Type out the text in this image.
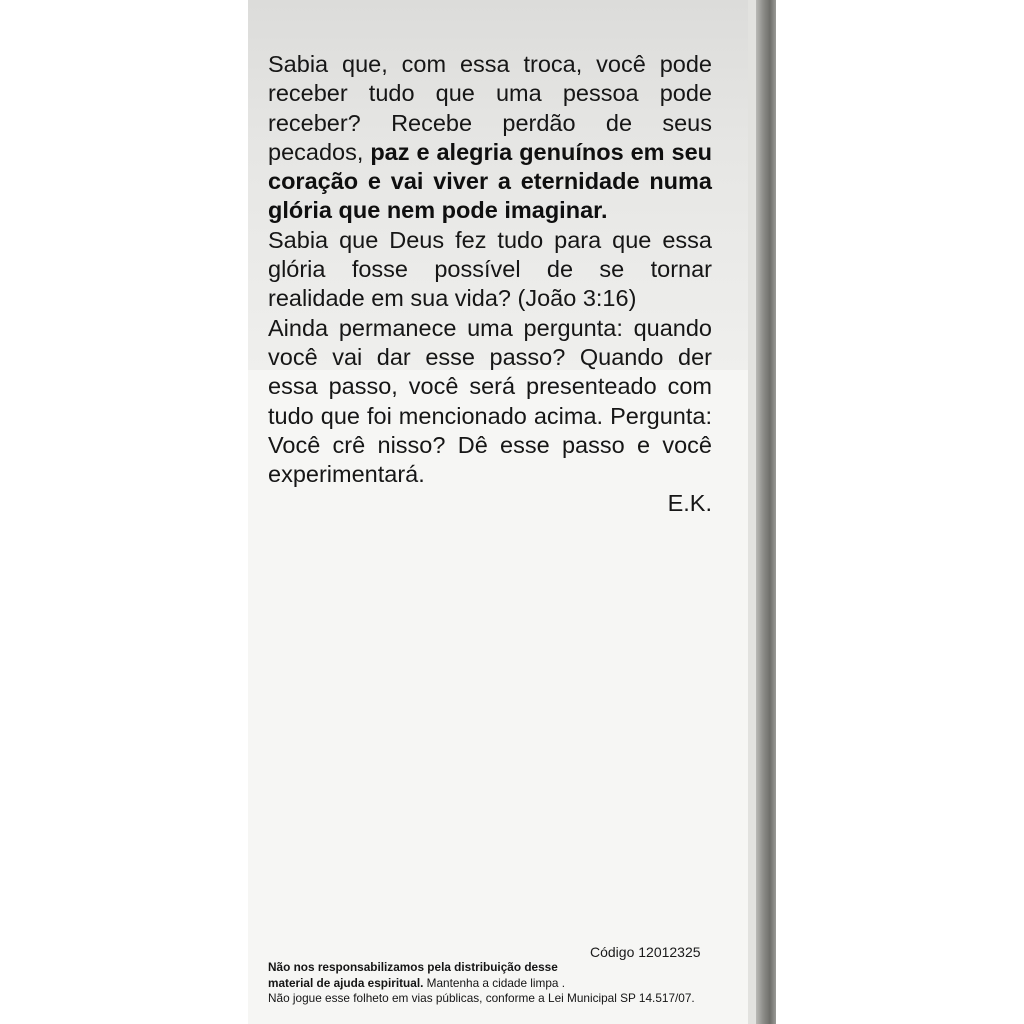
Sabia que, com essa troca, você pode receber tudo que uma pessoa pode receber? Recebe perdão de seus pecados, paz e alegria genuínos em seu coração e vai viver a eternidade numa glória que nem pode imaginar.

Sabia que Deus fez tudo para que essa glória fosse possível de se tornar realidade em sua vida? (João 3:16)

Ainda permanece uma pergunta: quando você vai dar esse passo? Quando der essa passo, você será presenteado com tudo que foi mencionado acima. Pergunta: Você crê nisso? Dê esse passo e você experimentará.

E.K.

Código 12012325
Não nos responsabilizamos pela distribuição desse
material de ajuda espiritual. Mantenha a cidade limpa .
Não jogue esse folheto em vias públicas, conforme a Lei Municipal SP 14.517/07.
